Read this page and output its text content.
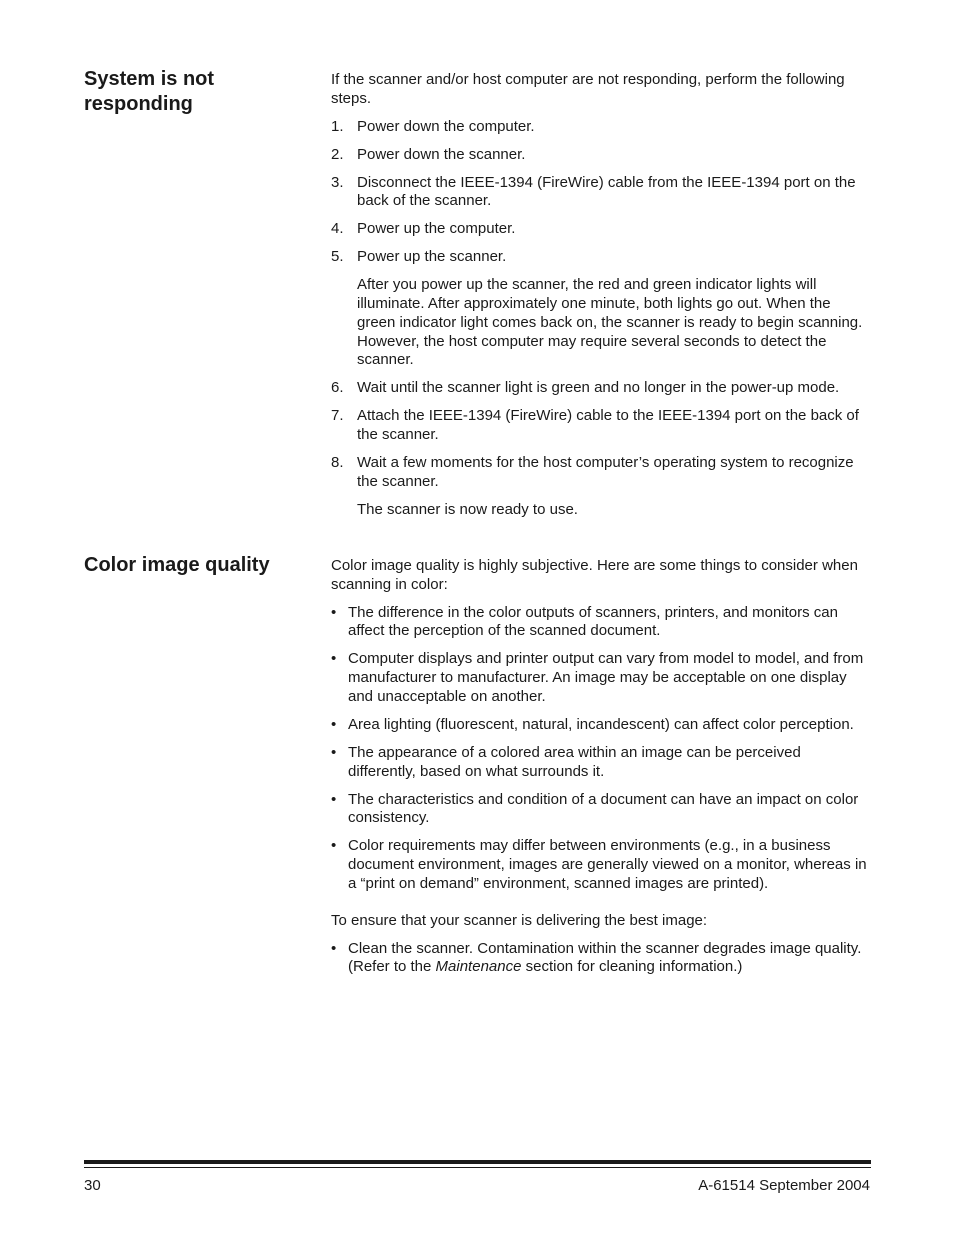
System is not responding

If the scanner and/or host computer are not responding, perform the following steps.

1. Power down the computer.
2. Power down the scanner.
3. Disconnect the IEEE-1394 (FireWire) cable from the IEEE-1394 port on the back of the scanner.
4. Power up the computer.
5. Power up the scanner.
After you power up the scanner, the red and green indicator lights will illuminate. After approximately one minute, both lights go out. When the green indicator light comes back on, the scanner is ready to begin scanning. However, the host computer may require several seconds to detect the scanner.
6. Wait until the scanner light is green and no longer in the power-up mode.
7. Attach the IEEE-1394 (FireWire) cable to the IEEE-1394 port on the back of the scanner.
8. Wait a few moments for the host computer’s operating system to recognize the scanner.
The scanner is now ready to use.
Color image quality	Color image quality is highly subjective. Here are some things to consider when scanning in color:

• The difference in the color outputs of scanners, printers, and monitors can affect the perception of the scanned document.
• Computer displays and printer output can vary from model to model, and from manufacturer to manufacturer. An image may be acceptable on one display and unacceptable on another.
• Area lighting (fluorescent, natural, incandescent) can affect color perception.
• The appearance of a colored area within an image can be perceived differently, based on what surrounds it.
• The characteristics and condition of a document can have an impact on color consistency.
• Color requirements may differ between environments (e.g., in a business document environment, images are generally viewed on a monitor, whereas in a “print on demand” environment, scanned images are printed).

To ensure that your scanner is delivering the best image:

• Clean the scanner. Contamination within the scanner degrades image quality. (Refer to the Maintenance section for cleaning information.)
30	A-61514 September 2004
